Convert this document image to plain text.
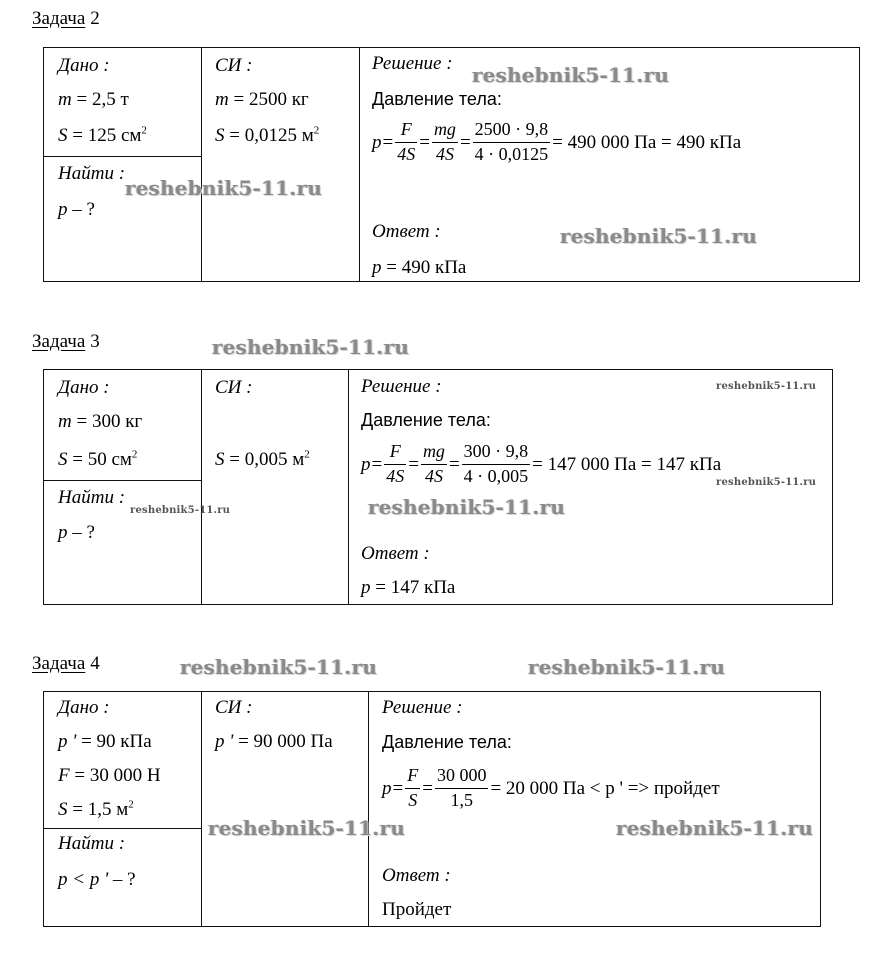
Задача 2
Дано :
m = 2,5 т
S = 125 $см^2$
Найти :
p – ?
СИ :
m = 2500 кг
S = 0,0125 $м^2$
Решение :
Давление тела:
$p = \frac{F}{4S} = \frac{mg}{4S} = \frac{2500 \cdot 9,8}{4 \cdot 0,0125} = 490$ 000 Па = 490 кПа
Ответ :
p = 490 кПа
Задача 3
Дано :
m = 300 кг
S = 50 $см^2$
Найти :
p – ?
СИ :
S = 0,005 $м^2$
Решение :
Давление тела:
$p = \frac{F}{4S} = \frac{mg}{4S} = \frac{300 \cdot 9,8}{4 \cdot 0,005} = 147$ 000 Па = 147 кПа
Ответ :
p = 147 кПа
Задача 4
Дано :
p ' = 90 кПа
F = 30 000 Н
S = 1,5 $м^2$
Найти :
p < p ' – ?
СИ :
p ' = 90 000 Па
Решение :
Давление тела:
$p = \frac{F}{S} = \frac{30 000}{1,5} = 20$ 000 Па < p ' => пройдет
Ответ :
Пройдет
reshebnik5-11.ru
reshebnik5-11.ru
reshebnik5-11.ru
reshebnik5-11.ru
reshebnik5-11.ru
reshebnik5-11.ru
reshebnik5-11.ru
reshebnik5-11.ru
reshebnik5-11.ru	reshebnik5-11.ru
reshebnik5-11.ru	reshebnik5-11.ru
